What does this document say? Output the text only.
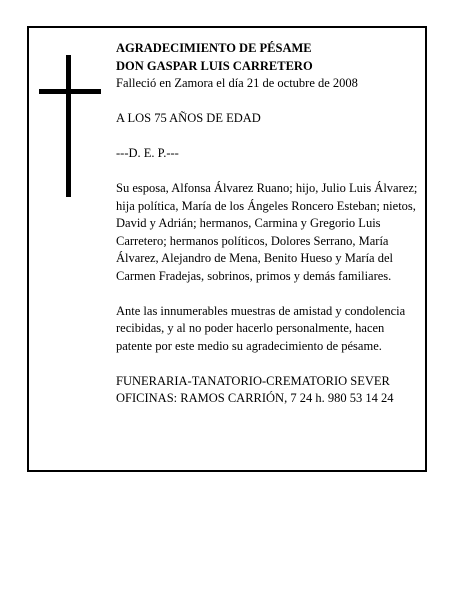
AGRADECIMIENTO DE PÉSAME

DON GASPAR LUIS CARRETERO

Falleció en Zamora el día 21 de octubre de 2008

A LOS 75 AÑOS DE EDAD

---D. E. P.---

Su esposa, Alfonsa Álvarez Ruano; hijo, Julio Luis Álvarez; hija política, María de los Ángeles Roncero Esteban; nietos, David y Adrián; hermanos, Carmina y Gregorio Luis Carretero; hermanos políticos, Dolores Serrano, María Álvarez, Alejandro de Mena, Benito Hueso y María del Carmen Fradejas, sobrinos, primos y demás familiares.

Ante las innumerables muestras de amistad y condolencia recibidas, y al no poder hacerlo personalmente, hacen patente por este medio su agradecimiento de pésame.

FUNERARIA-TANATORIO-CREMATORIO SEVER

OFICINAS: RAMOS CARRIÓN, 7 24 h. 980 53 14 24
